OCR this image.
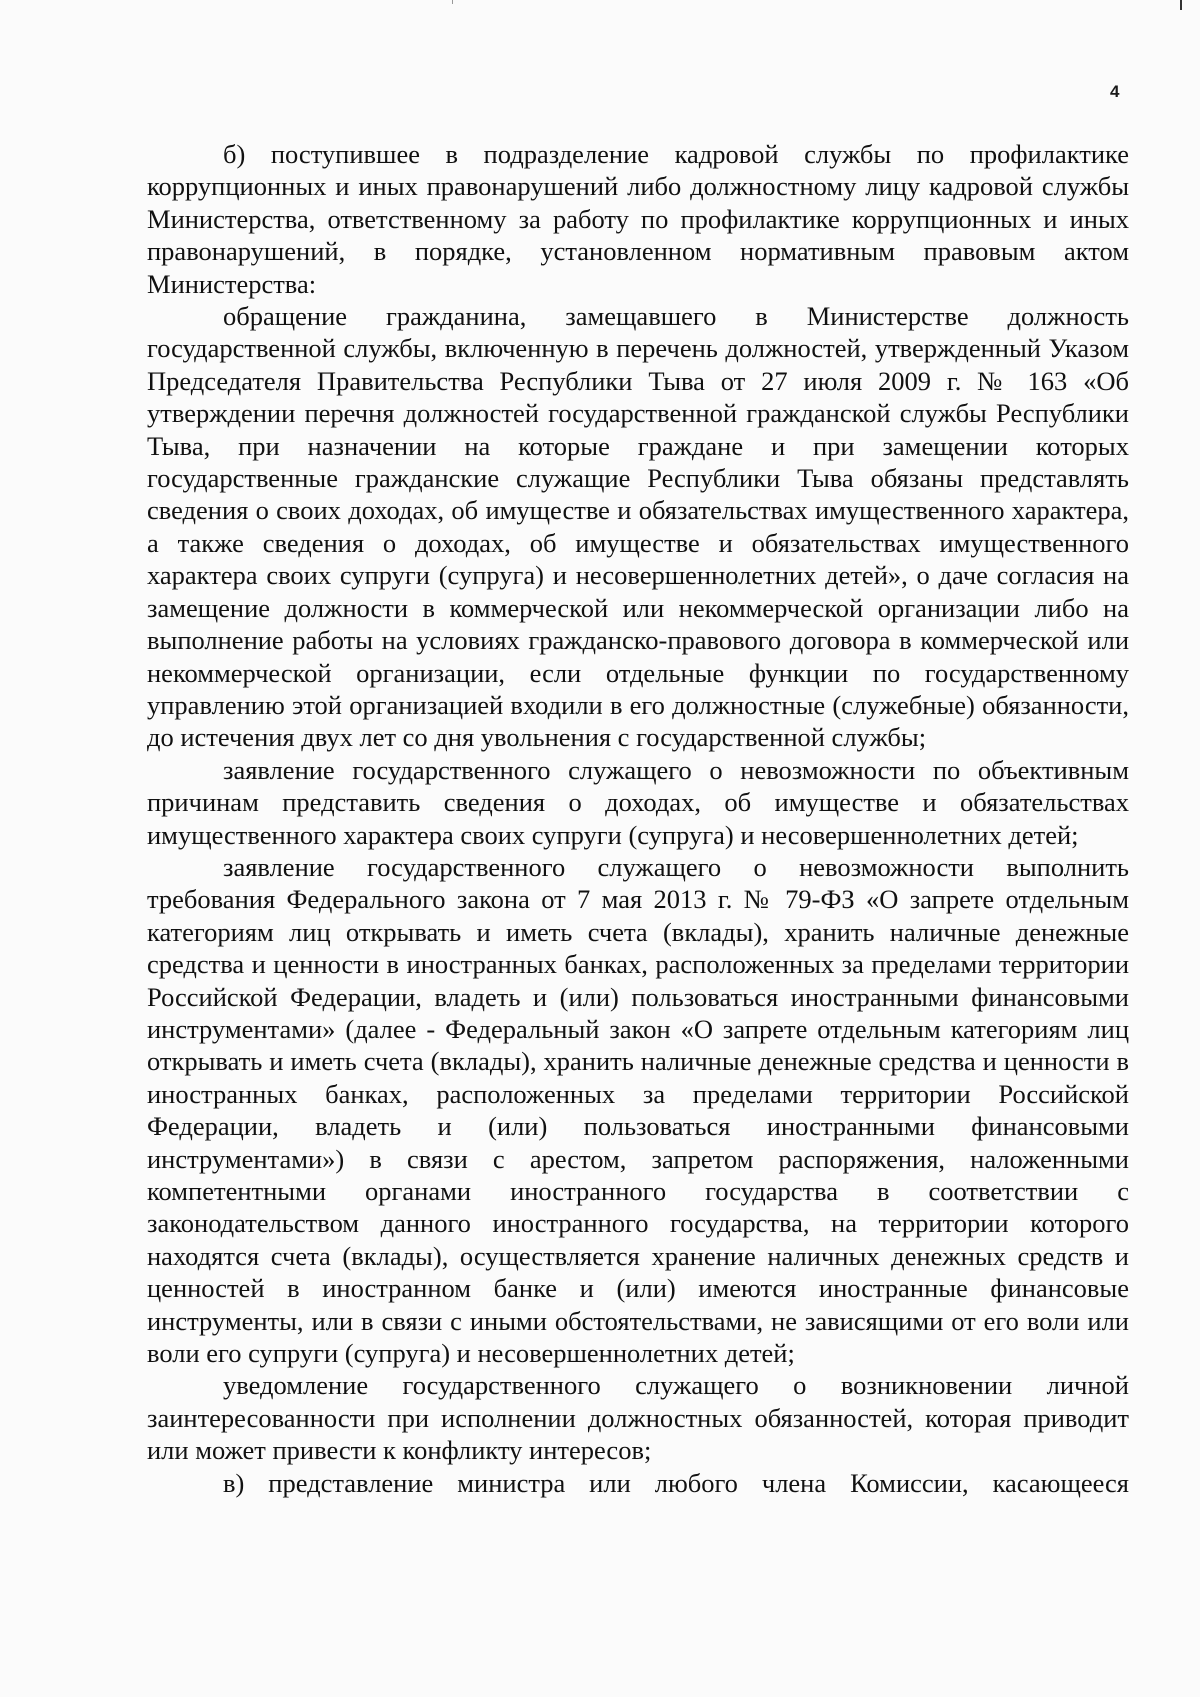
4

б) поступившее в подразделение кадровой службы по профилактике коррупционных и иных правонарушений либо должностному лицу кадровой службы Министерства, ответственному за работу по профилактике коррупционных и иных правонарушений, в порядке, установленном нормативным правовым актом Министерства:

обращение гражданина, замещавшего в Министерстве должность государственной службы, включенную в перечень должностей, утвержденный Указом Председателя Правительства Республики Тыва от 27 июля 2009 г. № 163 «Об утверждении перечня должностей государственной гражданской службы Республики Тыва, при назначении на которые граждане и при замещении которых государственные гражданские служащие Республики Тыва обязаны представлять сведения о своих доходах, об имуществе и обязательствах имущественного характера, а также сведения о доходах, об имуществе и обязательствах имущественного характера своих супруги (супруга) и несовершеннолетних детей», о даче согласия на замещение должности в коммерческой или некоммерческой организации либо на выполнение работы на условиях гражданско-правового договора в коммерческой или некоммерческой организации, если отдельные функции по государственному управлению этой организацией входили в его должностные (служебные) обязанности, до истечения двух лет со дня увольнения с государственной службы;

заявление государственного служащего о невозможности по объективным причинам представить сведения о доходах, об имуществе и обязательствах имущественного характера своих супруги (супруга) и несовершеннолетних детей;

заявление государственного служащего о невозможности выполнить требования Федерального закона от 7 мая 2013 г. № 79-ФЗ «О запрете отдельным категориям лиц открывать и иметь счета (вклады), хранить наличные денежные средства и ценности в иностранных банках, расположенных за пределами территории Российской Федерации, владеть и (или) пользоваться иностранными финансовыми инструментами» (далее - Федеральный закон «О запрете отдельным категориям лиц открывать и иметь счета (вклады), хранить наличные денежные средства и ценности в иностранных банках, расположенных за пределами территории Российской Федерации, владеть и (или) пользоваться иностранными финансовыми инструментами») в связи с арестом, запретом распоряжения, наложенными компетентными органами иностранного государства в соответствии с законодательством данного иностранного государства, на территории которого находятся счета (вклады), осуществляется хранение наличных денежных средств и ценностей в иностранном банке и (или) имеются иностранные финансовые инструменты, или в связи с иными обстоятельствами, не зависящими от его воли или воли его супруги (супруга) и несовершеннолетних детей;

уведомление государственного служащего о возникновении личной заинтересованности при исполнении должностных обязанностей, которая приводит или может привести к конфликту интересов;

в) представление министра или любого члена Комиссии, касающееся
